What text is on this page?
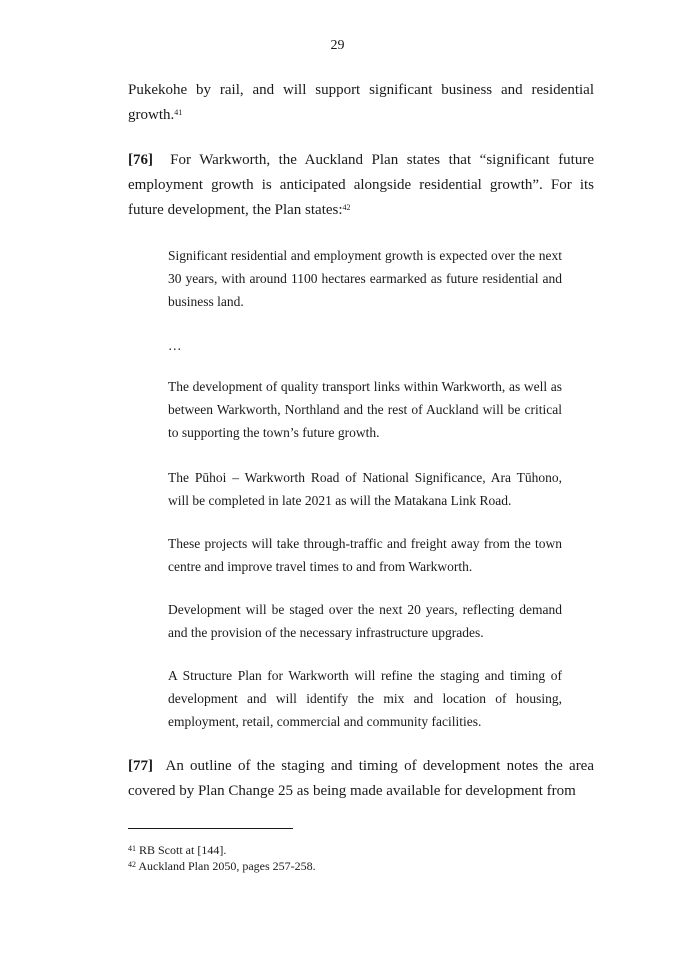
29
Pukekohe by rail, and will support significant business and residential
growth.$^{41}$
[76] For Warkworth, the Auckland Plan states that “significant future employment growth is anticipated alongside residential growth”. For its future development, the Plan states:$^{42}$
Significant residential and employment growth is expected over the next 30 years, with around 1100 hectares earmarked as future residential and business land.
…
The development of quality transport links within Warkworth, as well as between Warkworth, Northland and the rest of Auckland will be critical to supporting the town’s future growth.
The Pūhoi – Warkworth Road of National Significance, Ara Tūhono, will be completed in late 2021 as will the Matakana Link Road.
These projects will take through-traffic and freight away from the town centre and improve travel times to and from Warkworth.
Development will be staged over the next 20 years, reflecting demand and the provision of the necessary infrastructure upgrades.
A Structure Plan for Warkworth will refine the staging and timing of development and will identify the mix and location of housing, employment, retail, commercial and community facilities.
[77] An outline of the staging and timing of development notes the area covered by Plan Change 25 as being made available for development from
$^{41}$ RB Scott at [144].
$^{42}$ Auckland Plan 2050, pages 257-258.
